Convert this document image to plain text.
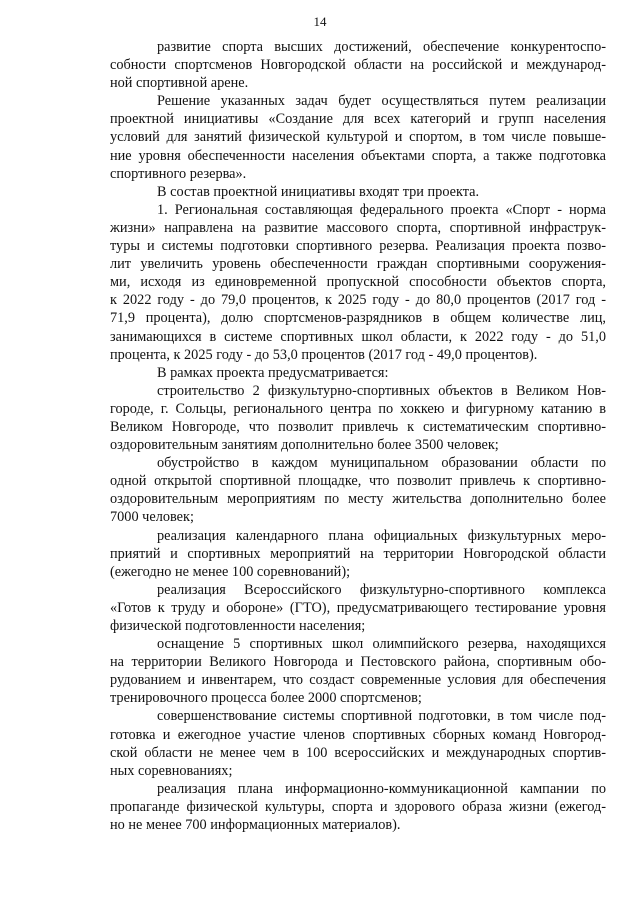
14
развитие спорта высших достижений, обеспечение конкурентоспо-
собности спортсменов Новгородской области на российской и международ-
ной спортивной арене.
Решение указанных задач будет осуществляться путем реализации
проектной инициативы «Создание для всех категорий и групп населения
условий для занятий физической культурой и спортом, в том числе повыше-
ние уровня обеспеченности населения объектами спорта, а также подготовка
спортивного резерва».
В состав проектной инициативы входят три проекта.
1. Региональная составляющая федерального проекта «Спорт - норма
жизни» направлена на развитие массового спорта, спортивной инфраструк-
туры и системы подготовки спортивного резерва. Реализация проекта позво-
лит увеличить уровень обеспеченности граждан спортивными сооружения-
ми, исходя из единовременной пропускной способности объектов спорта,
к 2022 году - до 79,0 процентов, к 2025 году - до 80,0 процентов (2017 год -
71,9 процента), долю спортсменов-разрядников в общем количестве лиц,
занимающихся в системе спортивных школ области, к 2022 году - до 51,0
процента, к 2025 году - до 53,0 процентов (2017 год - 49,0 процентов).
В рамках проекта предусматривается:
строительство 2 физкультурно-спортивных объектов в Великом Нов-
городе, г. Сольцы, регионального центра по хоккею и фигурному катанию в
Великом Новгороде, что позволит привлечь к систематическим спортивно-
оздоровительным занятиям дополнительно более 3500 человек;
обустройство в каждом муниципальном образовании области по
одной открытой спортивной площадке, что позволит привлечь к спортивно-
оздоровительным мероприятиям по месту жительства дополнительно более
7000 человек;
реализация календарного плана официальных физкультурных меро-
приятий и спортивных мероприятий на территории Новгородской области
(ежегодно не менее 100 соревнований);
реализация Всероссийского физкультурно-спортивного комплекса
«Готов к труду и обороне» (ГТО), предусматривающего тестирование уровня
физической подготовленности населения;
оснащение 5 спортивных школ олимпийского резерва, находящихся
на территории Великого Новгорода и Пестовского района, спортивным обо-
рудованием и инвентарем, что создаст современные условия для обеспечения
тренировочного процесса более 2000 спортсменов;
совершенствование системы спортивной подготовки, в том числе под-
готовка и ежегодное участие членов спортивных сборных команд Новгород-
ской области не менее чем в 100 всероссийских и международных спортив-
ных соревнованиях;
реализация плана информационно-коммуникационной кампании по
пропаганде физической культуры, спорта и здорового образа жизни (ежегод-
но не менее 700 информационных материалов).
